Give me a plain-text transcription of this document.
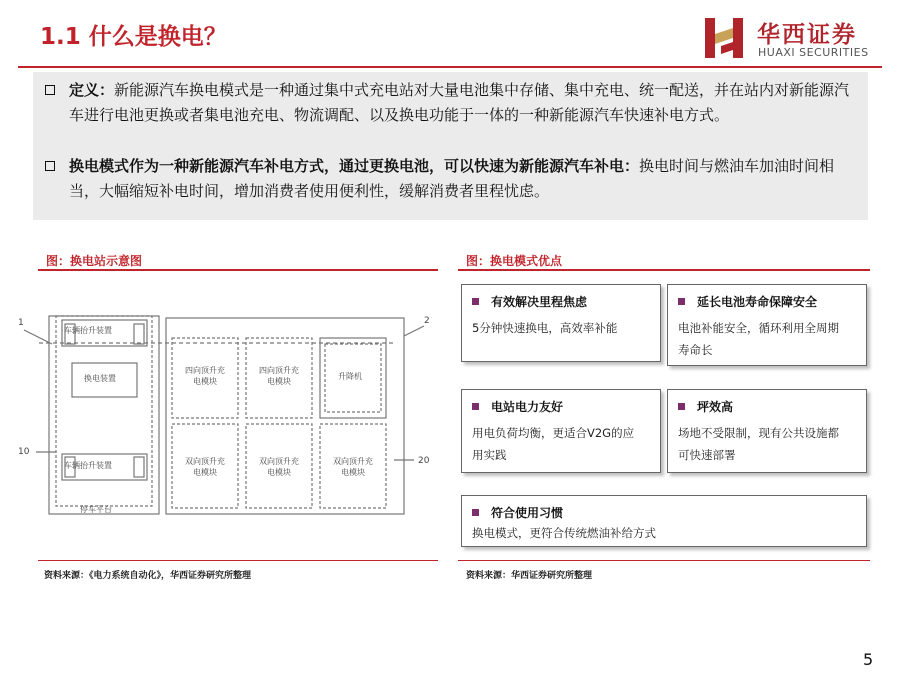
1.1 什么是换电？	华西证券
HUAXI SECURITIES
定义：新能源汽车换电模式是一种通过集中式充电站对大量电池集中存储、集中充电、统一配送，并在站内对新能源汽车进行电池更换或者集电池充电、物流调配、以及换电功能于一体的一种新能源汽车快速补电方式。
换电模式作为一种新能源汽车补电方式，通过更换电池，可以快速为新能源汽车补电：换电时间与燃油车加油时间相当，大幅缩短补电时间，增加消费者使用便利性，缓解消费者里程忧虑。
图：换电站示意图
车辆抬升装置
换电装置
车辆抬升装置
停车平台
四向顶升充电模块
四向顶升充电模块
升降机
双向顶升充电模块
双向顶升充电模块
双向顶升充电模块
1	2
10
20
资料来源：《电力系统自动化》，华西证券研究所整理
图：换电模式优点
有效解决里程焦虑
5分钟快速换电，高效率补能
延长电池寿命保障安全
电池补能安全，循环利用全周期
寿命长
电站电力友好
用电负荷均衡，更适合V2G的应
用实践
坪效高
场地不受限制，现有公共设施都
可快速部署
符合使用习惯
换电模式，更符合传统燃油补给方式
资料来源：华西证券研究所整理
5
